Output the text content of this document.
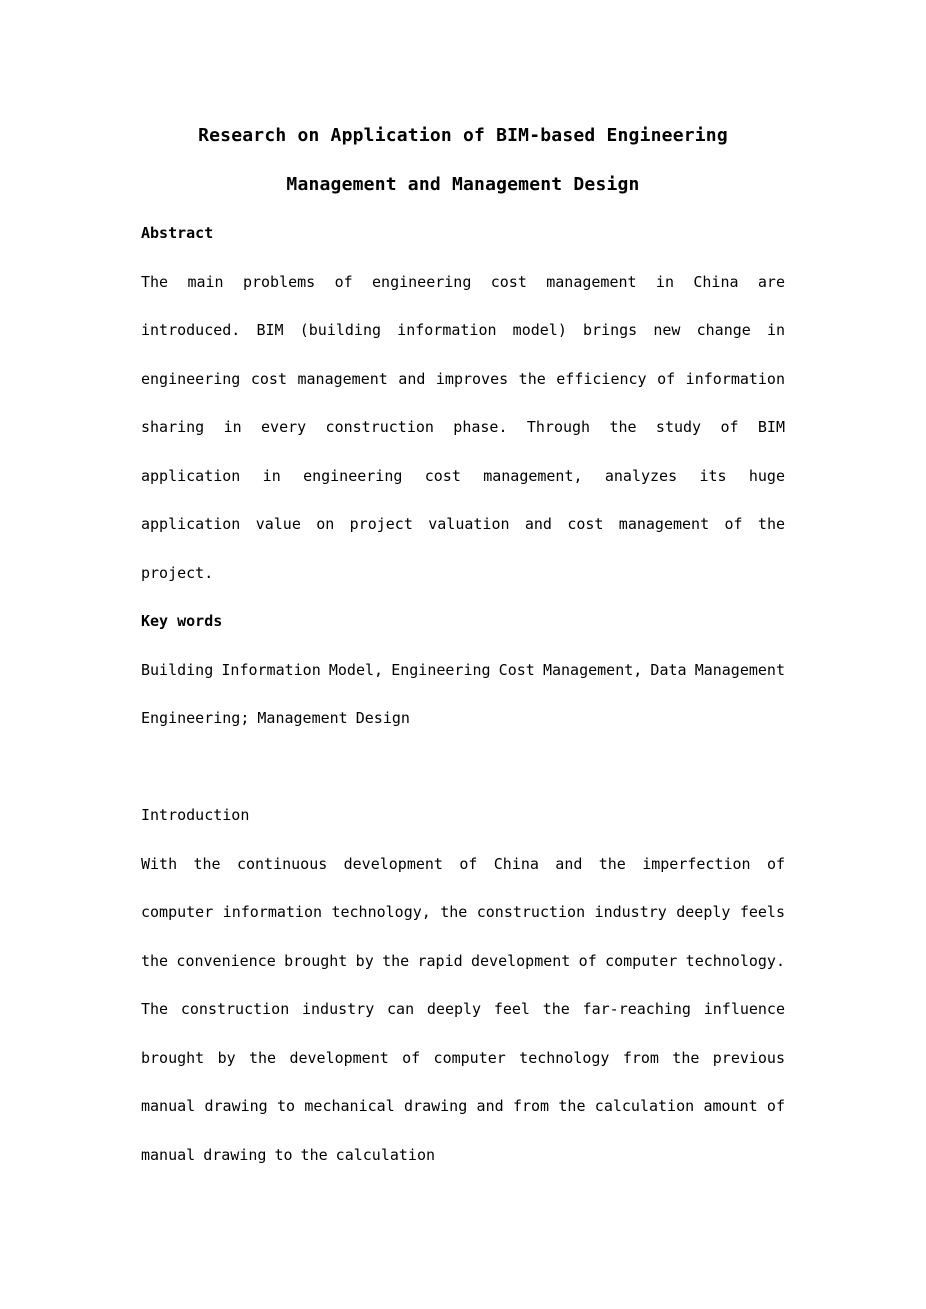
Research on Application of BIM-based Engineering
Management and Management Design
Abstract

The main problems of engineering cost management in China are introduced. BIM (building information model) brings new change in engineering cost management and improves the efficiency of information sharing in every construction phase. Through the study of BIM application in engineering cost management, analyzes its huge application value on project valuation and cost management of the project.

Key words

Building Information Model, Engineering Cost Management, Data Management Engineering; Management Design

Introduction

With the continuous development of China and the imperfection of computer information technology, the construction industry deeply feels the convenience brought by the rapid development of computer technology. The construction industry can deeply feel the far-reaching influence brought by the development of computer technology from the previous manual drawing to mechanical drawing and from the calculation amount of manual drawing to the calculation
